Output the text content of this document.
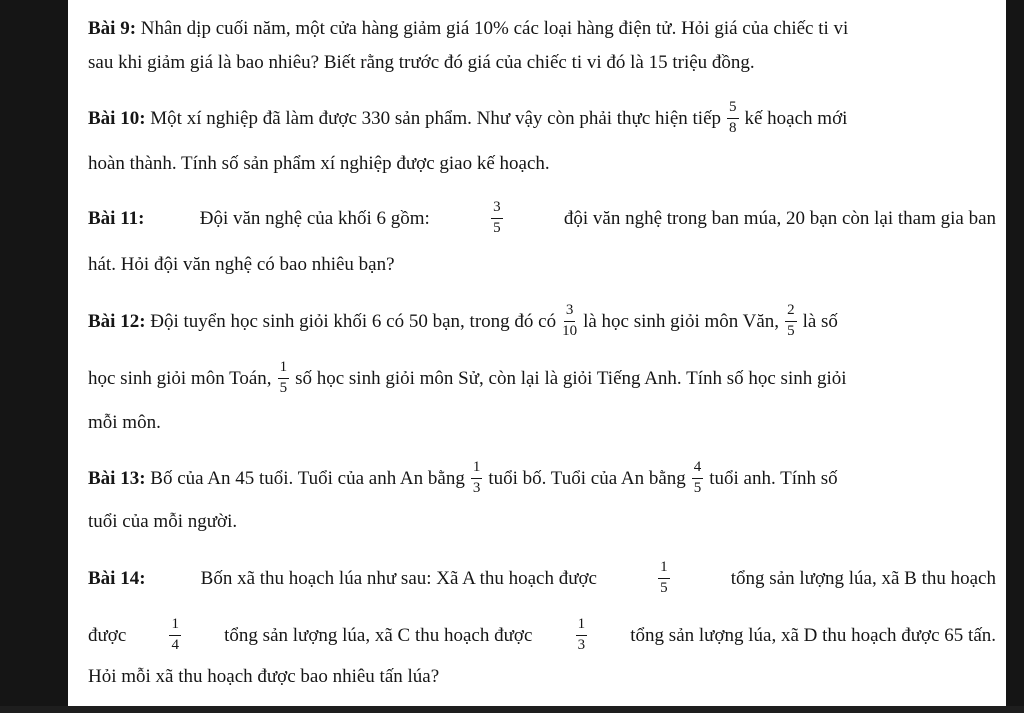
Bài 9: Nhân dịp cuối năm, một cửa hàng giảm giá 10% các loại hàng điện tử. Hỏi giá của chiếc ti vi
sau khi giảm giá là bao nhiêu? Biết rằng trước đó giá của chiếc ti vi đó là 15 triệu đồng.
Bài 10:
Một xí nghiệp đã làm được 330 sản phẩm. Như vậy còn phải thực hiện tiếp $\frac{5}{8}$ kế hoạch mới
hoàn thành. Tính số sản phẩm xí nghiệp được giao kế hoạch.
Bài 11:	Đội văn nghệ của khối 6 gồm:	$\frac{3}{5}$	đội văn nghệ trong ban múa, 20 bạn còn lại tham gia ban
hát. Hỏi đội văn nghệ có bao nhiêu bạn?
Bài 12:
Đội tuyển học sinh giỏi khối 6 có 50 bạn, trong đó có $\frac{3}{10}$ là học sinh giỏi môn Văn, $\frac{2}{5}$ là số
học sinh giỏi môn Toán, $\frac{1}{5}$ số học sinh giỏi môn Sử, còn lại là giỏi Tiếng Anh. Tính số học sinh giỏi
mỗi môn.
Bài 13:
Bố của An 45 tuổi. Tuổi của anh An bằng $\frac{1}{3}$ tuổi bố. Tuổi của An bằng $\frac{4}{5}$ tuổi anh. Tính số
tuổi của mỗi người.
Bài 14:	Bốn xã thu hoạch lúa như sau: Xã A thu hoạch được	$\frac{1}{5}$	tổng sản lượng lúa, xã B thu hoạch
được	$\frac{1}{4}$ tổng sản lượng lúa, xã C thu hoạch được	$\frac{1}{3}$ tổng sản lượng lúa, xã D thu hoạch được 65 tấn.
Hỏi mỗi xã thu hoạch được bao nhiêu tấn lúa?
